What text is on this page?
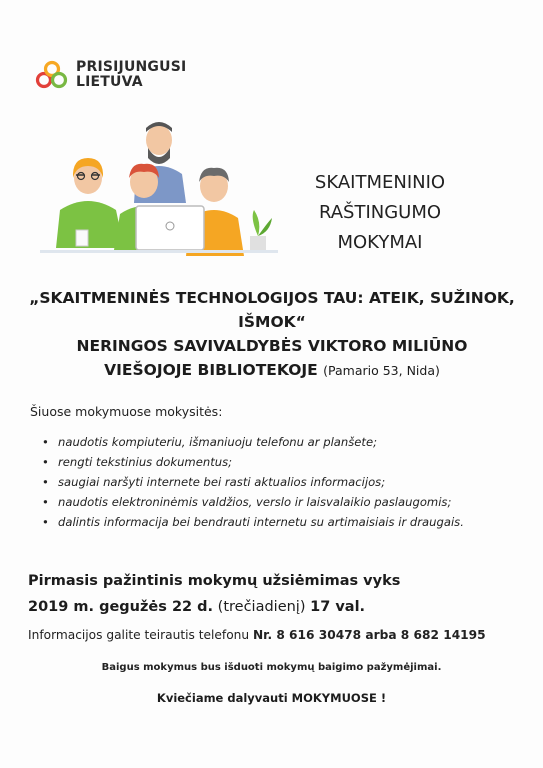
PRISIJUNGUSI
LIETUVA
SKAITMENINIO
RAŠTINGUMO
MOKYMAI
„SKAITMENINĖS TECHNOLOGIJOS TAU: ATEIK, SUŽINOK,
IŠMOK“
NERINGOS SAVIVALDYBĖS VIKTORO MILIŪNO
VIEŠOJOJE BIBLIOTEKOJE (Pamario 53, Nida)
Šiuose mokymuose mokysitės:
• naudotis kompiuteriu, išmaniuoju telefonu ar planšete;
• rengti tekstinius dokumentus;
• saugiai naršyti internete bei rasti aktualios informacijos;
• naudotis elektroninėmis valdžios, verslo ir laisvalaikio paslaugomis;
• dalintis informacija bei bendrauti internetu su artimaisiais ir draugais.
Pirmasis pažintinis mokymų užsiėmimas vyks
2019 m. gegužės 22 d. (trečiadienį) 17 val.
Informacijos galite teirautis telefonu Nr. 8 616 30478 arba 8 682 14195
Baigus mokymus bus išduoti mokymų baigimo pažymėjimai.
Kviečiame dalyvauti MOKYMUOSE !
